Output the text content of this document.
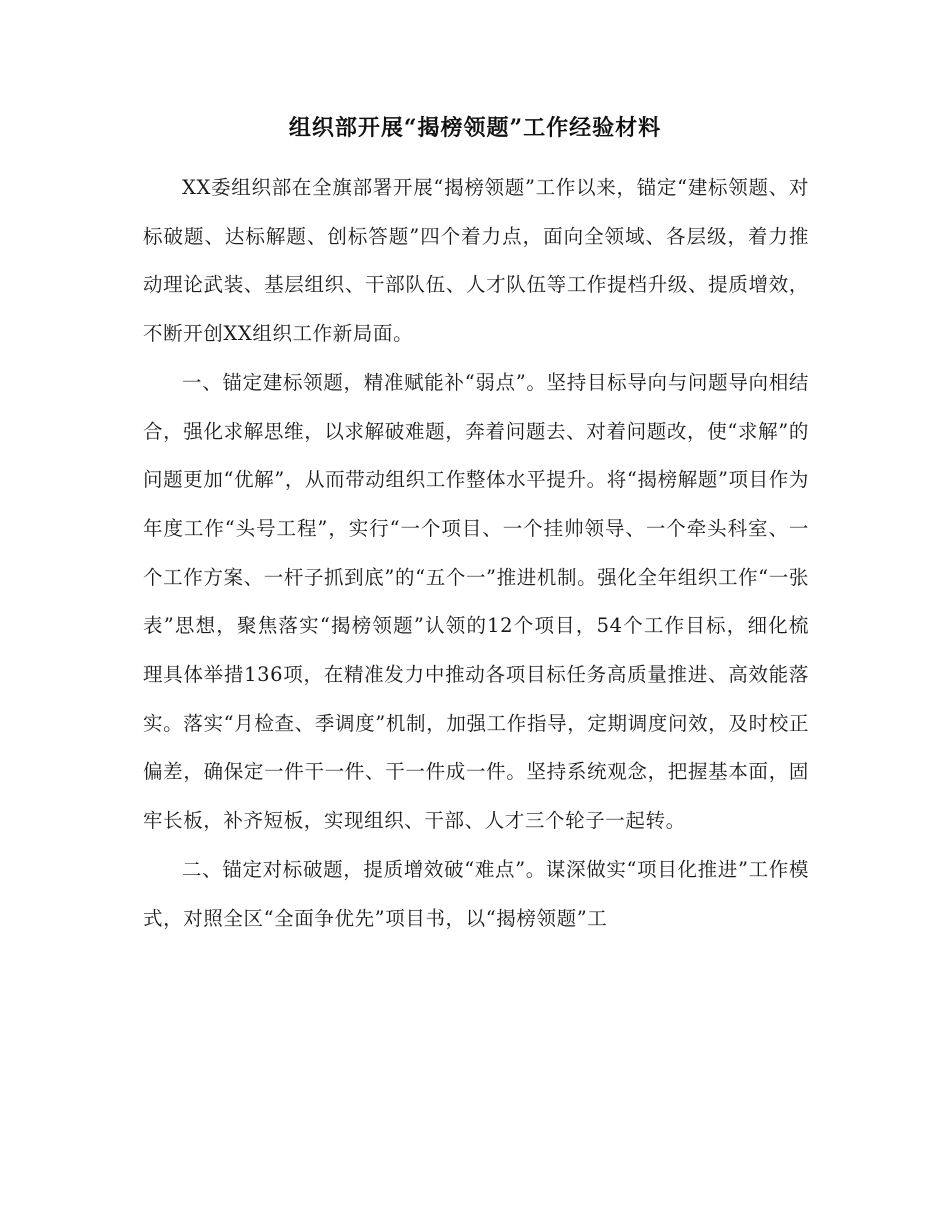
组织部开展“揭榜领题”工作经验材料

XX委组织部在全旗部署开展“揭榜领题”工作以来，锚定“建标领题、对标破题、达标解题、创标答题”四个着力点，面向全领域、各层级，着力推动理论武装、基层组织、干部队伍、人才队伍等工作提档升级、提质增效，不断开创XX组织工作新局面。

一、锚定建标领题，精准赋能补“弱点”。坚持目标导向与问题导向相结合，强化求解思维，以求解破难题，奔着问题去、对着问题改，使“求解”的问题更加“优解”，从而带动组织工作整体水平提升。将“揭榜解题”项目作为年度工作“头号工程”，实行“一个项目、一个挂帅领导、一个牵头科室、一个工作方案、一杆子抓到底”的“五个一”推进机制。强化全年组织工作“一张表”思想，聚焦落实“揭榜领题”认领的12个项目，54个工作目标，细化梳理具体举措136项，在精准发力中推动各项目标任务高质量推进、高效能落实。落实“月检查、季调度”机制，加强工作指导，定期调度问效，及时校正偏差，确保定一件干一件、干一件成一件。坚持系统观念，把握基本面，固牢长板，补齐短板，实现组织、干部、人才三个轮子一起转。

二、锚定对标破题，提质增效破“难点”。谋深做实“项目化推进”工作模式，对照全区“全面争优先”项目书，以“揭榜领题”工
